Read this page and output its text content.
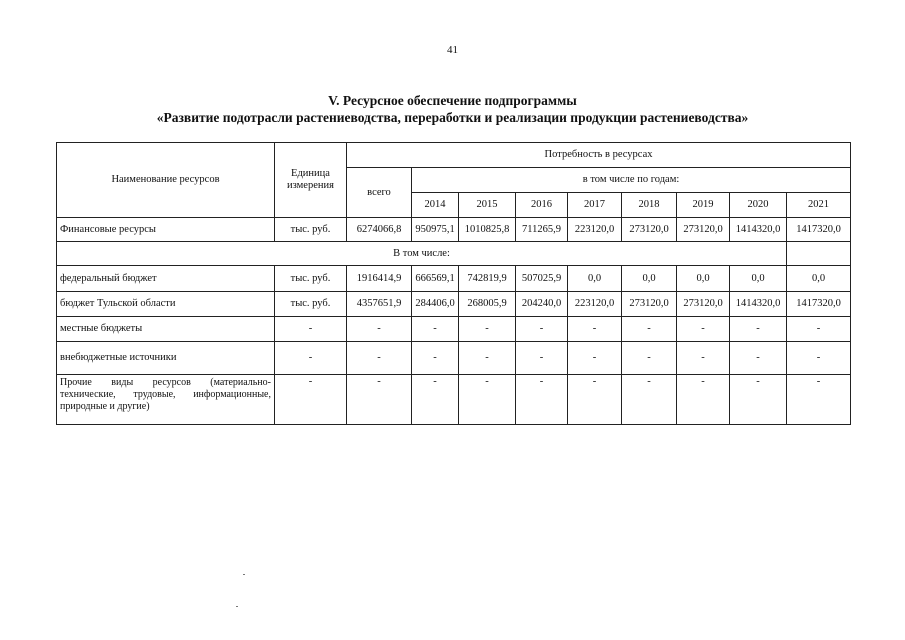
41
V. Ресурсное обеспечение подпрограммы
«Развитие подотрасли растениеводства, переработки и реализации продукции растениеводства»
Наименование ресурсов	Единица измерения	Потребность в ресурсах								
		всего	в том числе по годам:							
			2014	2015	2016	2017	2018	2019	2020	2021
Финансовые ресурсы	тыс. руб.	6274066,8	950975,1	1010825,8	711265,9	223120,0	273120,0	273120,0	1414320,0	1417320,0
В том числе:										
федеральный бюджет	тыс. руб.	1916414,9	666569,1	742819,9	507025,9	0,0	0,0	0,0	0,0	0,0
бюджет Тульской области	тыс. руб.	4357651,9	284406,0	268005,9	204240,0	223120,0	273120,0	273120,0	1414320,0	1417320,0
местные бюджеты	-	-	-	-	-	-	-	-	-	-
внебюджетные источники	-	-	-	-	-	-	-	-	-	-
Прочие виды ресурсов (материально-технические, трудовые, информационные, природные и другие)	-	-	-	-	-	-	-	-	-	-
